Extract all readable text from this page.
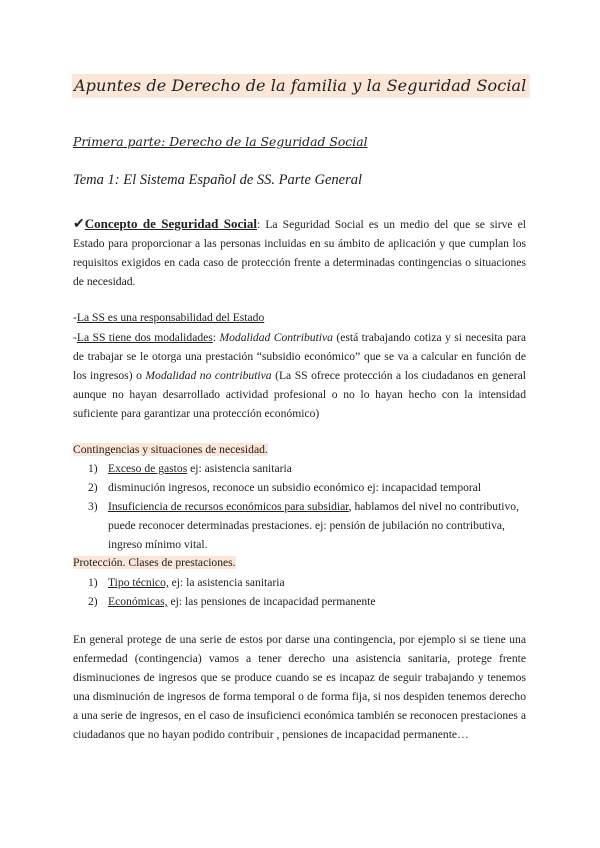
Apuntes de Derecho de la familia y la Seguridad Social
Primera parte: Derecho de la Seguridad Social
Tema 1: El Sistema Español de SS. Parte General
✔Concepto de Seguridad Social: La Seguridad Social es un medio del que se sirve el Estado para proporcionar a las personas incluidas en su ámbito de aplicación y que cumplan los requisitos exigidos en cada caso de protección frente a determinadas contingencias o situaciones de necesidad.
-La SS es una responsabilidad del Estado
-La SS tiene dos modalidades: Modalidad Contributiva (está trabajando cotiza y si necesita para de trabajar se le otorga una prestación “subsidio económico” que se va a calcular en función de los ingresos) o Modalidad no contributiva (La SS ofrece protección a los ciudadanos en general aunque no hayan desarrollado actividad profesional o no lo hayan hecho con la intensidad suficiente para garantizar una protección económico)
Contingencias y situaciones de necesidad.
1) Exceso de gastos ej: asistencia sanitaria
2) disminución ingresos, reconoce un subsidio económico ej: incapacidad temporal
3) Insuficiencia de recursos económicos para subsidiar, hablamos del nivel no contributivo, puede reconocer determinadas prestaciones. ej: pensión de jubilación no contributiva, ingreso mínimo vital.
Protección. Clases de prestaciones.
1) Tipo técnico, ej: la asistencia sanitaria
2) Económicas, ej: las pensiones de incapacidad permanente
En general protege de una serie de estos por darse una contingencia, por ejemplo si se tiene una enfermedad (contingencia) vamos a tener derecho una asistencia sanitaria, protege frente disminuciones de ingresos que se produce cuando se es incapaz de seguir trabajando y tenemos una disminución de ingresos de forma temporal o de forma fija, si nos despiden tenemos derecho a una serie de ingresos, en el caso de insuficienci económica también se reconocen prestaciones a ciudadanos que no hayan podido contribuir , pensiones de incapacidad permanente…
